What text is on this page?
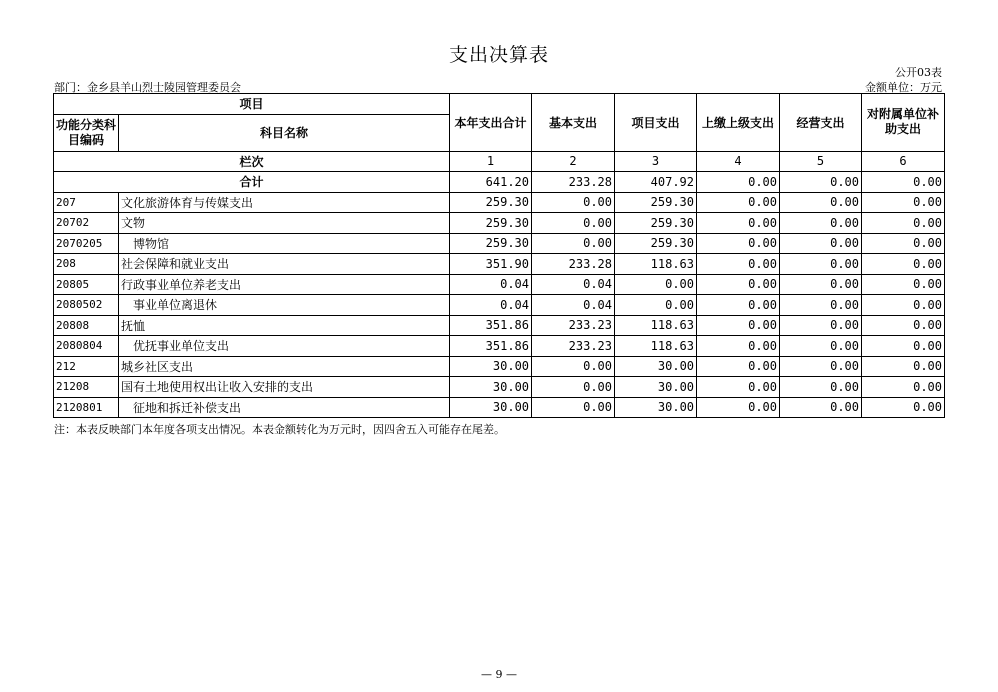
支出决算表
公开03表
部门：金乡县羊山烈士陵园管理委员会	金额单位：万元
项目		本年支出合计	基本支出	项目支出	上缴上级支出	经营支出	对附属单位补助支出
功能分类科目编码	科目名称						
栏次		1	2	3	4	5	6
合计		641.20	233.28	407.92	0.00	0.00	0.00
207	文化旅游体育与传媒支出	259.30	0.00	259.30	0.00	0.00	0.00
20702	文物	259.30	0.00	259.30	0.00	0.00	0.00
2070205	博物馆	259.30	0.00	259.30	0.00	0.00	0.00
208	社会保障和就业支出	351.90	233.28	118.63	0.00	0.00	0.00
20805	行政事业单位养老支出	0.04	0.04	0.00	0.00	0.00	0.00
2080502	事业单位离退休	0.04	0.04	0.00	0.00	0.00	0.00
20808	抚恤	351.86	233.23	118.63	0.00	0.00	0.00
2080804	优抚事业单位支出	351.86	233.23	118.63	0.00	0.00	0.00
212	城乡社区支出	30.00	0.00	30.00	0.00	0.00	0.00
21208	国有土地使用权出让收入安排的支出	30.00	0.00	30.00	0.00	0.00	0.00
2120801	征地和拆迁补偿支出	30.00	0.00	30.00	0.00	0.00	0.00
注：本表反映部门本年度各项支出情况。本表金额转化为万元时，因四舍五入可能存在尾差。
— 9 —
